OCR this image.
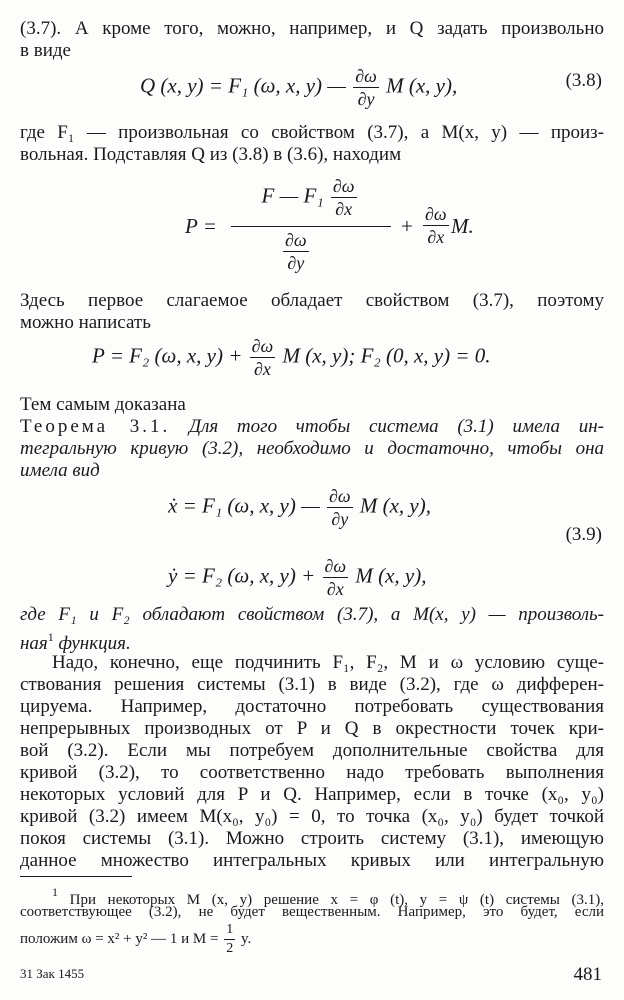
(3.7). А кроме того, можно, например, и Q задать произвольно
в виде
Q (x, y) = F₁ (ω, x, y) — $\frac{\partial\omega}{\partial y}$ M (x, y),	(3.8)
где F₁ — произвольная со свойством (3.7), а M(x, y) — произ-
вольная. Подставляя Q из (3.8) в (3.6), находим
P =
F — $F_1 \frac{\partial\omega}{\partial x}$
$\frac{\partial\omega}{\partial y}$
+ $\frac{\partial\omega}{\partial x} M$.
Здесь первое слагаемое обладает свойством (3.7), поэтому
можно написать
P = F₂ (ω, x, $y) + \frac{\partial\omega}{\partial x}$ M (x, y); F₂ (0, x, y) = 0.
Тем самым доказана
Теорема 3.1. Для того чтобы система (3.1) имела ин-
тегральную кривую (3.2), необходимо и достаточно, чтобы она
имела вид
ẋ = F₁ (ω, x, y) — $\frac{\partial\omega}{\partial y}$ M (x, y),
(3.9)
ẏ = F₂ (ω, x, $y) + \frac{\partial\omega}{\partial x}$ M (x, y),
где F₁ и F₂ обладают свойством (3.7), а M(x, y) — произволь-
ная$^1$ функция.
Надо, конечно, еще подчинить F₁, F₂, M и ω условию суще-
ствования решения системы (3.1) в виде (3.2), где ω дифферен-
цируема. Например, достаточно потребовать существования
непрерывных производных от P и Q в окрестности точек кри-
вой (3.2). Если мы потребуем дополнительные свойства для
кривой (3.2), то соответственно надо требовать выполнения
некоторых условий для P и Q. Например, если в точке (x₀, y₀)
кривой (3.2) имеем M(x₀, y₀) = 0, то точка (x₀, y₀) будет точкой
покоя системы (3.1). Можно строить систему (3.1), имеющую
данное множество интегральных кривых или интегральную
$^1$ При некоторых M (x, y) решение x = φ (t), y = ψ (t) системы (3.1),
соответствующее (3.2), не будет вещественным. Например, это будет, если
положим ω = x² + y² — 1 и $M = \frac{1}{2} y$.
31 Зак 1455	481
